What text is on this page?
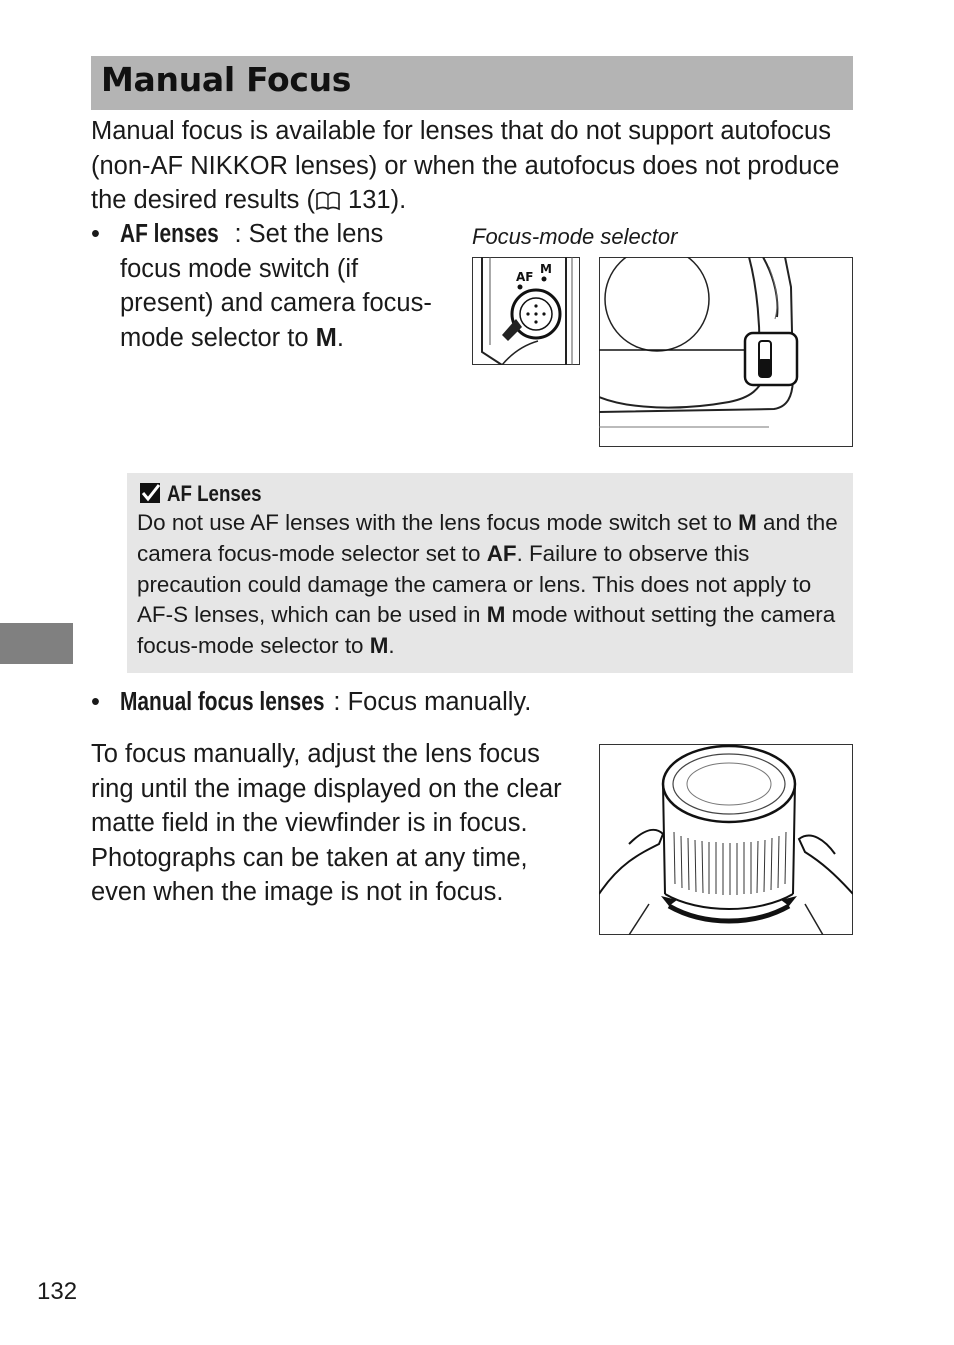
Manual Focus

Manual focus is available for lenses that do not support autofocus (non-AF NIKKOR lenses) or when the autofocus does not produce the desired results ( 131).

• AF lenses : Set the lens focus mode switch (if present) and camera focus-mode selector to M.

Focus-mode selector

AF
M
AF Lenses

Do not use AF lenses with the lens focus mode switch set to M and the camera focus-mode selector set to AF. Failure to observe this precaution could damage the camera or lens. This does not apply to AF-S lenses, which can be used in M mode without setting the camera focus-mode selector to M.

• Manual focus lenses : Focus manually.

To focus manually, adjust the lens focus ring until the image displayed on the clear matte field in the viewfinder is in focus. Photographs can be taken at any time, even when the image is not in focus.

132
